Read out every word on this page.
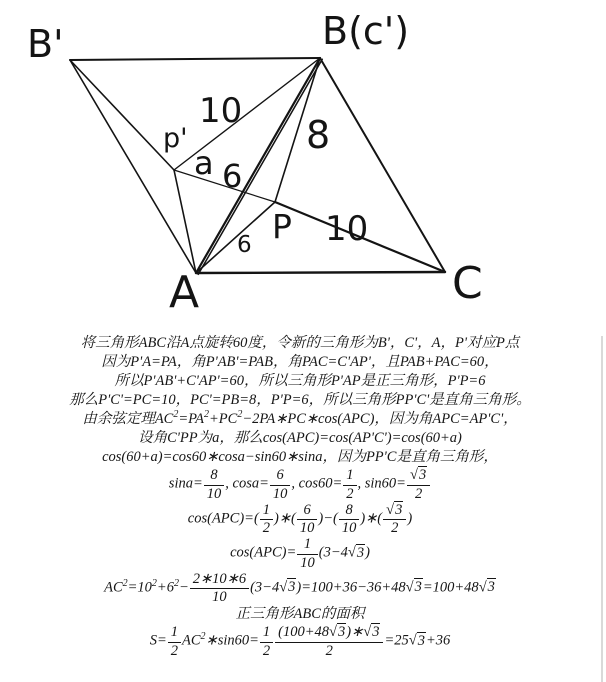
B'	B(c')
A	C
p'
P
10
8
a 6
6 10
将三角形ABC沿A点旋转60度，令新的三角形为B'，C'，A，P'对应P点
因为P'A=PA，角P'AB'=PAB，角PAC=C'AP'，且PAB+PAC=60，
所以P'AB'+C'AP'=60，所以三角形P'AP是正三角形，P'P=6
那么P'C'=PC=10，PC'=PB=8，P'P=6，所以三角形PP'C'是直角三角形。
由余弦定理$AC^2=PA^2+PC^2-2PA∗PC∗\cos(APC)$，因为角APC=AP'C'，
设角C'PP为a，那么cos(APC)=cos(AP'C')=cos(60+a)
cos(60+a)=cos60∗cosa−sin60∗sina，因为PP'C是直角三角形，
$\sin a= \frac{8}{10}$ , $\cos a= \frac{6}{10}$ , $\cos 60= \frac{1}{2}$ , $\sin 60= \frac{√3}{2}$
$\cos(APC)=( \frac{1}{2}$ )∗( $\frac{6}{10}$ )−( $\frac{8}{10}$ )∗( $\frac{√3}{2}$ )
$\cos(APC)= \frac{1}{10} (3-4√3)$
$AC^2=10^2+6^2- \frac{2∗10∗6}{10} (3-4√3)=100+36-36+48√3=100+48√3$
正三角形ABC的面积
$S= \frac{1}{2}$ $AC^2∗\sin 60= \frac{1}{2} \frac{(100+48√3)∗√3}{2} =25√3+36$
